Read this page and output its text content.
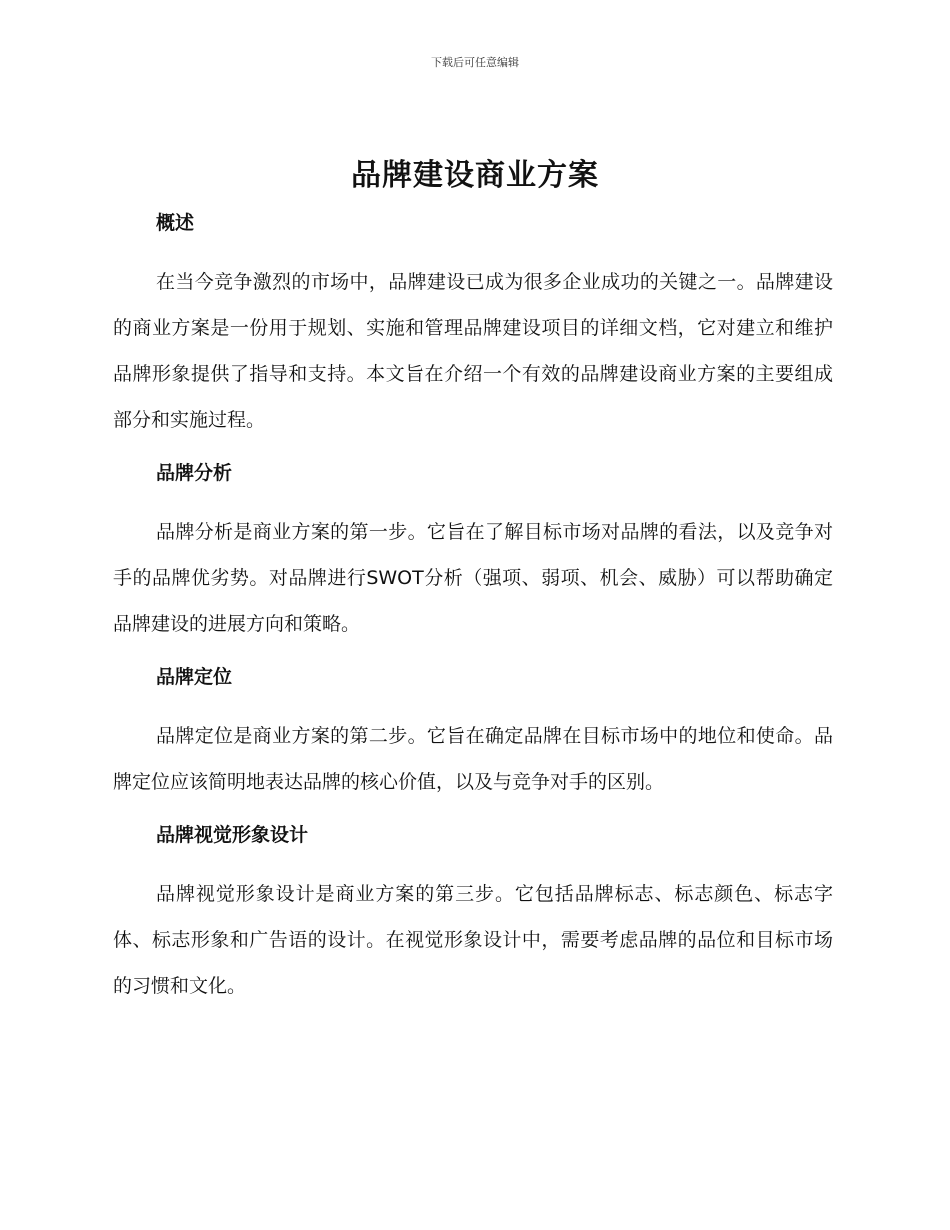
下载后可任意编辑
品牌建设商业方案
概述

在当今竞争激烈的市场中，品牌建设已成为很多企业成功的关键之一。品牌建设的商业方案是一份用于规划、实施和管理品牌建设项目的详细文档，它对建立和维护品牌形象提供了指导和支持。本文旨在介绍一个有效的品牌建设商业方案的主要组成部分和实施过程。

品牌分析

品牌分析是商业方案的第一步。它旨在了解目标市场对品牌的看法，以及竞争对手的品牌优劣势。对品牌进行SWOT分析（强项、弱项、机会、威胁）可以帮助确定品牌建设的进展方向和策略。

品牌定位

品牌定位是商业方案的第二步。它旨在确定品牌在目标市场中的地位和使命。品牌定位应该简明地表达品牌的核心价值，以及与竞争对手的区别。

品牌视觉形象设计

品牌视觉形象设计是商业方案的第三步。它包括品牌标志、标志颜色、标志字体、标志形象和广告语的设计。在视觉形象设计中，需要考虑品牌的品位和目标市场的习惯和文化。
